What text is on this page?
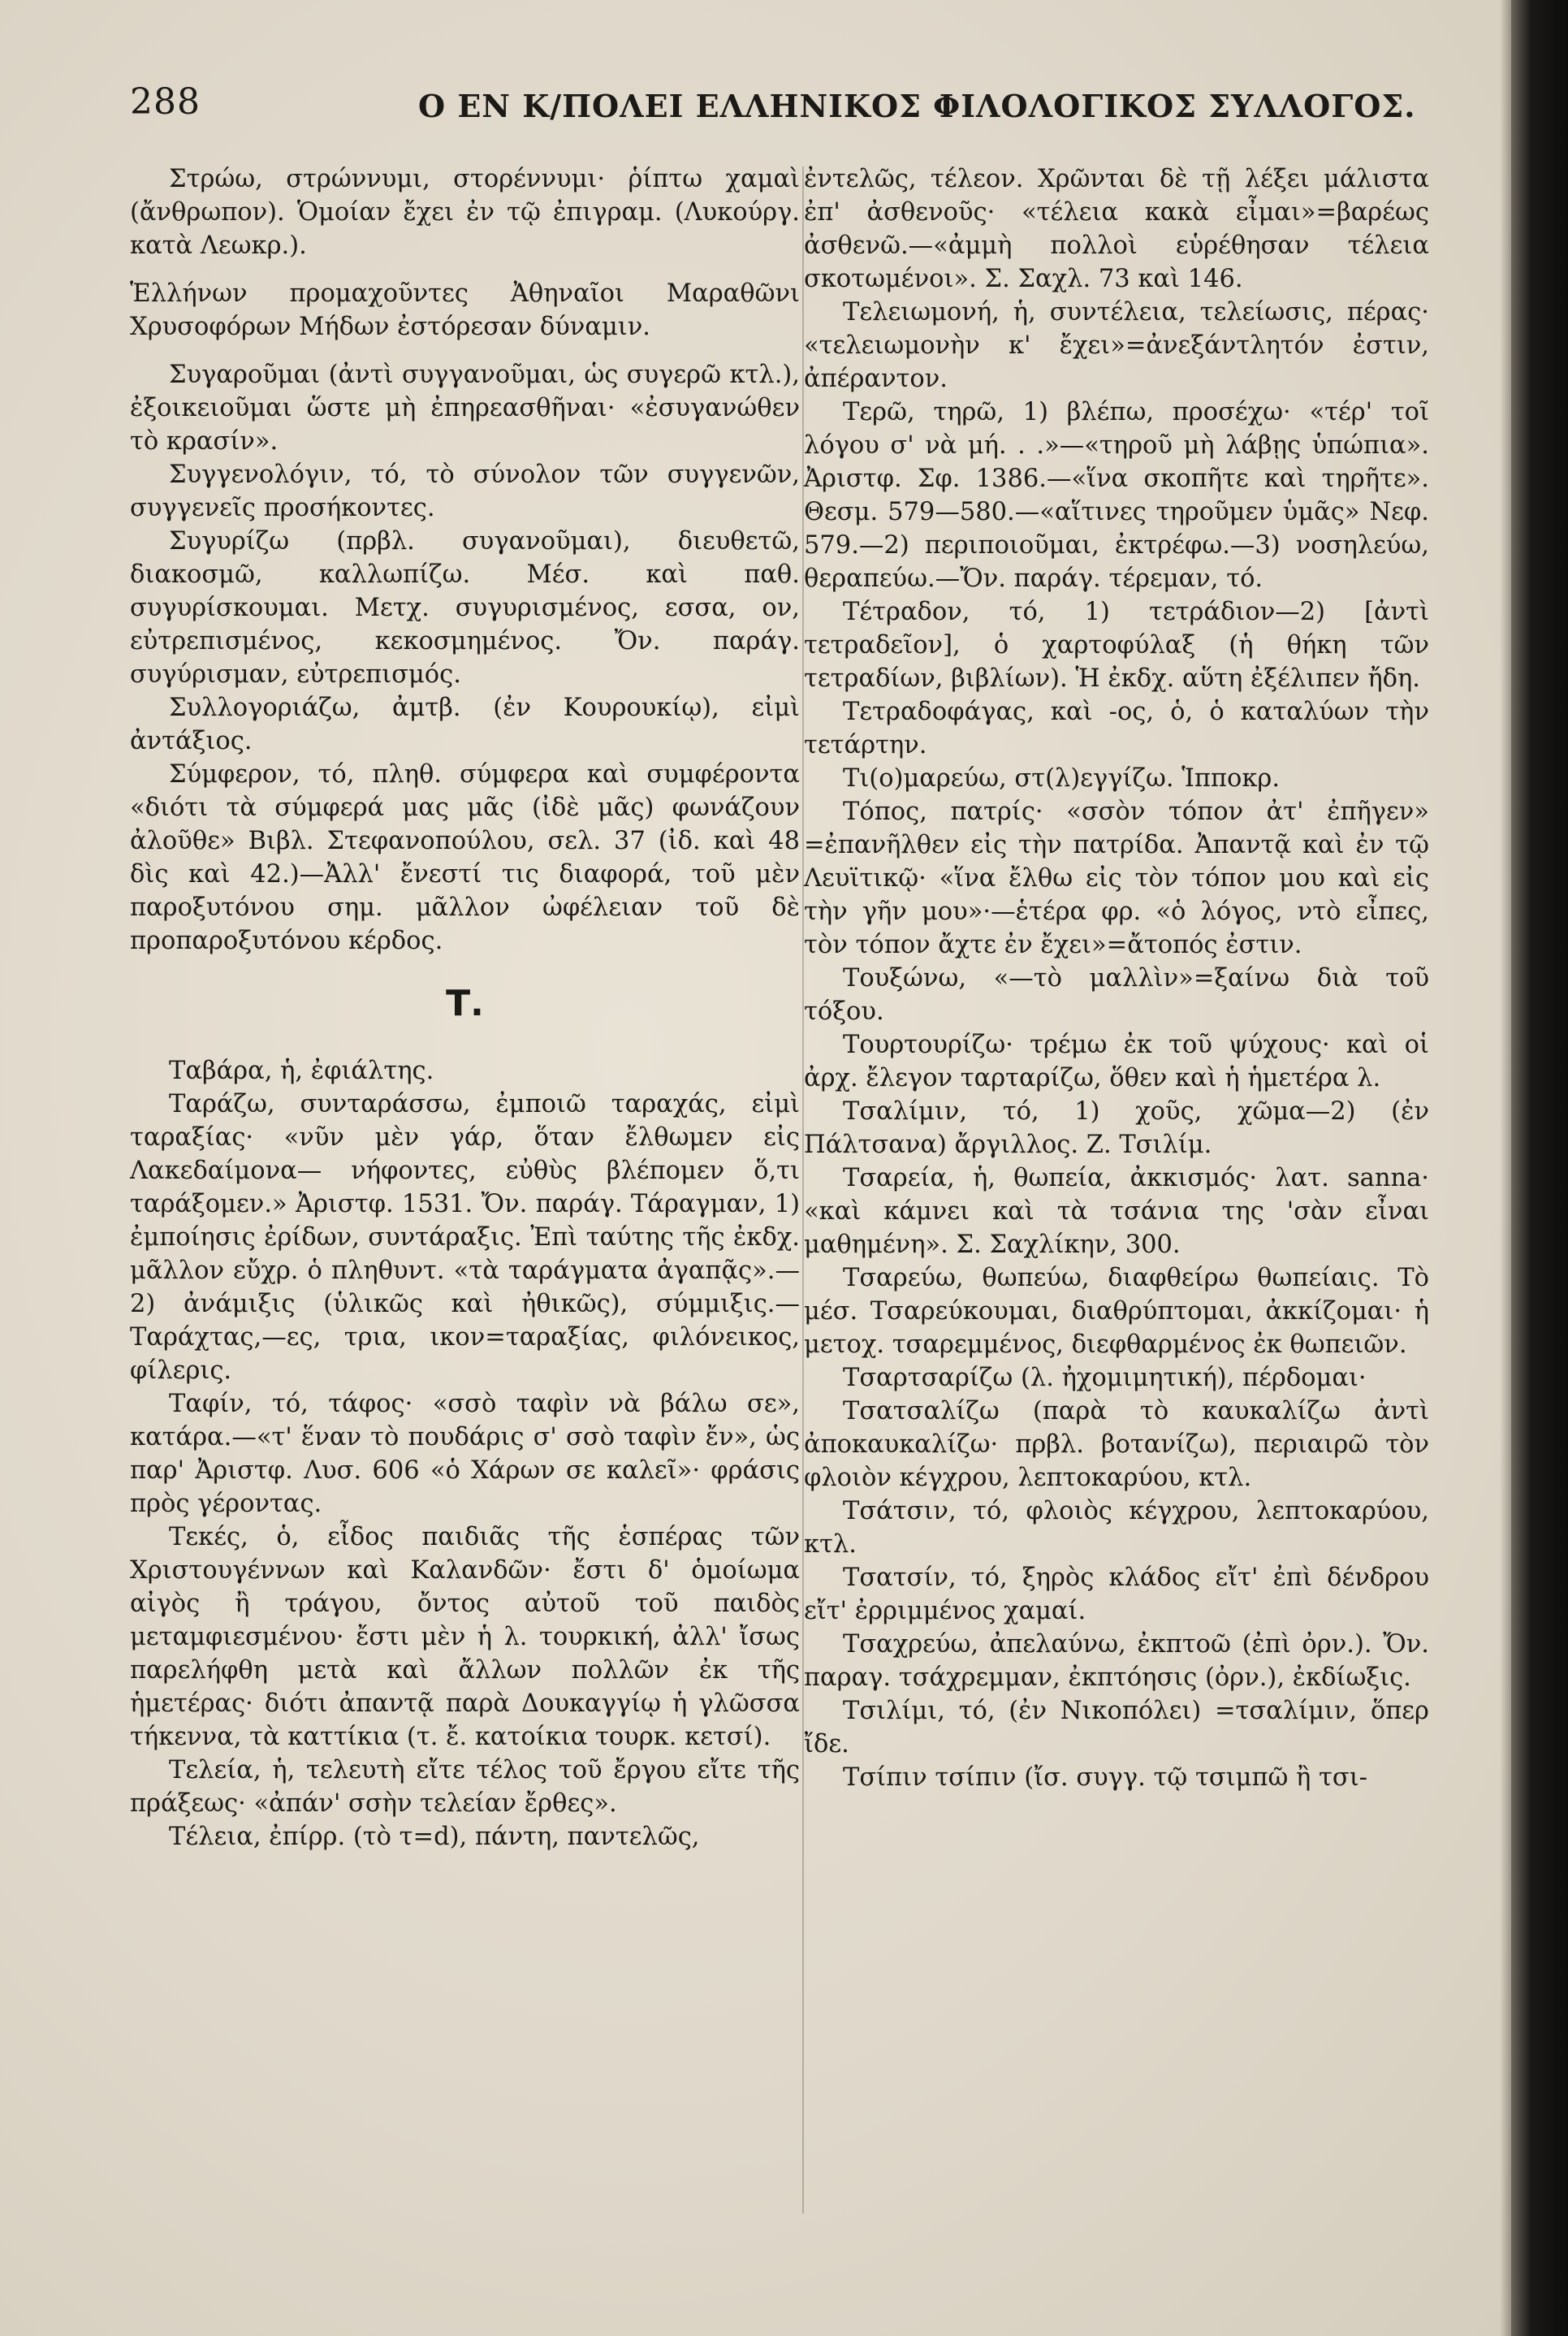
288	Ο ΕΝ Κ/ΠΟΛΕΙ ΕΛΛΗΝΙΚΟΣ ΦΙΛΟΛΟΓΙΚΟΣ ΣΥΛΛΟΓΟΣ.

Στρώω, στρώννυμι, στορέννυμι· ῥίπτω χαμαὶ (ἄνθρωπον). Ὁμοίαν ἔχει ἐν τῷ ἐπιγραμ. (Λυκούργ. κατὰ Λεωκρ.).

Ἑλλήνων προμαχοῦντες Ἀθηναῖοι Μαραθῶνι Χρυσοφόρων Μήδων ἐστόρεσαν δύναμιν.

Συγαροῦμαι (ἀντὶ συγγανοῦμαι, ὡς συγερῶ κτλ.), ἐξοικειοῦμαι ὥστε μὴ ἐπηρεασθῆναι· «ἐσυγανώθεν τὸ κρασίν».

Συγγενολόγιν, τό, τὸ σύνολον τῶν συγγενῶν, συγγενεῖς προσήκοντες.

Συγυρίζω (πρβλ. συγανοῦμαι), διευθετῶ, διακοσμῶ, καλλωπίζω. Μέσ. καὶ παθ. συγυρίσκουμαι. Μετχ. συγυρισμένος, εσσα, ον, εὐτρεπισμένος, κεκοσμημένος. Ὄν. παράγ. συγύρισμαν, εὐτρεπισμός.

Συλλογοριάζω, ἀμτβ. (ἐν Κουρουκίῳ), εἰμὶ ἀντάξιος.

Σύμφερον, τό, πληθ. σύμφερα καὶ συμφέροντα «διότι τὰ σύμφερά μας μᾶς (ἰδὲ μᾶς) φωνάζουν ἀλοῦθε» Βιβλ. Στεφανοπούλου, σελ. 37 (ἰδ. καὶ 48 δὶς καὶ 42.)—Ἀλλ' ἔνεστί τις διαφορά, τοῦ μὲν παροξυτόνου σημ. μᾶλλον ὠφέλειαν τοῦ δὲ προπαροξυτόνου κέρδος.

Τ.

Ταβάρα, ἡ, ἐφιάλτης.

Ταράζω, συνταράσσω, ἐμποιῶ ταραχάς, εἰμὶ ταραξίας· «νῦν μὲν γάρ, ὅταν ἔλθωμεν εἰς Λακεδαίμονα— νήφοντες, εὐθὺς βλέπομεν ὅ,τι ταράξομεν.» Ἀριστφ. 1531. Ὄν. παράγ. Τάραγμαν, 1) ἐμποίησις ἐρίδων, συντάραξις. Ἐπὶ ταύτης τῆς ἐκδχ. μᾶλλον εὔχρ. ὁ πληθυντ. «τὰ ταράγματα ἀγαπᾷς».—2) ἀνάμιξις (ὑλικῶς καὶ ἠθικῶς), σύμμιξις.—Ταράχτας,—ες, τρια, ικον=ταραξίας, φιλόνεικος, φίλερις.

Ταφίν, τό, τάφος· «σσὸ ταφὶν νὰ βάλω σε», κατάρα.—«τ' ἕναν τὸ πουδάρις σ' σσὸ ταφὶν ἔν», ὡς παρ' Ἀριστφ. Λυσ. 606 «ὁ Χάρων σε καλεῖ»· φράσις πρὸς γέροντας.

Τεκές, ὁ, εἶδος παιδιᾶς τῆς ἑσπέρας τῶν Χριστουγέννων καὶ Καλανδῶν· ἔστι δ' ὁμοίωμα αἰγὸς ἢ τράγου, ὄντος αὐτοῦ τοῦ παιδὸς μεταμφιεσμένου· ἔστι μὲν ἡ λ. τουρκική, ἀλλ' ἴσως παρελήφθη μετὰ καὶ ἄλλων πολλῶν ἐκ τῆς ἡμετέρας· διότι ἀπαντᾷ παρὰ Δουκαγγίῳ ἡ γλῶσσα τήκεννα, τὰ καττίκια (τ. ἔ. κατοίκια τουρκ. κετσί).

Τελεία, ἡ, τελευτὴ εἴτε τέλος τοῦ ἔργου εἴτε τῆς πράξεως· «ἀπάν' σσὴν τελείαν ἔρθες».

Τέλεια, ἐπίρρ. (τὸ τ=d), πάντη, παντελῶς,

ἐντελῶς, τέλεον. Χρῶνται δὲ τῇ λέξει μάλιστα ἐπ' ἀσθενοῦς· «τέλεια κακὰ εἶμαι»=βαρέως ἀσθενῶ.—«ἀμμὴ πολλοὶ εὑρέθησαν τέλεια σκοτωμένοι». Σ. Σαχλ. 73 καὶ 146.

Τελειωμονή, ἡ, συντέλεια, τελείωσις, πέρας· «τελειωμονὴν κ' ἔχει»=ἀνεξάντλητόν ἐστιν, ἀπέραντον.

Τερῶ, τηρῶ, 1) βλέπω, προσέχω· «τέρ' τοῖ λόγου σ' νὰ μή. . .»—«τηροῦ μὴ λάβῃς ὑπώπια». Ἀριστφ. Σφ. 1386.—«ἵνα σκοπῆτε καὶ τηρῆτε». Θεσμ. 579—580.—«αἵτινες τηροῦμεν ὑμᾶς» Νεφ. 579.—2) περιποιοῦμαι, ἐκτρέφω.—3) νοσηλεύω, θεραπεύω.—Ὄν. παράγ. τέρεμαν, τό.

Τέτραδον, τό, 1) τετράδιον—2) [ἀντὶ τετραδεῖον], ὁ χαρτοφύλαξ (ἡ θήκη τῶν τετραδίων, βιβλίων). Ἡ ἐκδχ. αὕτη ἐξέλιπεν ἤδη.

Τετραδοφάγας, καὶ -ος, ὁ, ὁ καταλύων τὴν τετάρτην.

Τι(ο)μαρεύω, στ(λ)εγγίζω. Ἱπποκρ.

Τόπος, πατρίς· «σσὸν τόπον ἀτ' ἐπῆγεν» =ἐπανῆλθεν εἰς τὴν πατρίδα. Ἀπαντᾷ καὶ ἐν τῷ Λευϊτικῷ· «ἵνα ἔλθω εἰς τὸν τόπον μου καὶ εἰς τὴν γῆν μου»·—ἑτέρα φρ. «ὁ λόγος, ντὸ εἶπες, τὸν τόπον ἄχτε ἐν ἔχει»=ἄτοπός ἐστιν.

Τουξώνω, «—τὸ μαλλὶν»=ξαίνω διὰ τοῦ τόξου.

Τουρτουρίζω· τρέμω ἐκ τοῦ ψύχους· καὶ οἱ ἀρχ. ἔλεγον ταρταρίζω, ὅθεν καὶ ἡ ἡμετέρα λ.

Τσαλίμιν, τό, 1) χοῦς, χῶμα—2) (ἐν Πάλτσανα) ἄργιλλος. Ζ. Τσιλίμ.

Τσαρεία, ἡ, θωπεία, ἀκκισμός· λατ. sanna· «καὶ κάμνει καὶ τὰ τσάνια της 'σὰν εἶναι μαθημένη». Σ. Σαχλίκην, 300.

Τσαρεύω, θωπεύω, διαφθείρω θωπείαις. Τὸ μέσ. Τσαρεύκουμαι, διαθρύπτομαι, ἀκκίζομαι· ἡ μετοχ. τσαρεμμένος, διεφθαρμένος ἐκ θωπειῶν.

Τσαρτσαρίζω (λ. ἠχομιμητική), πέρδομαι·

Τσατσαλίζω (παρὰ τὸ καυκαλίζω ἀντὶ ἀποκαυκαλίζω· πρβλ. βοτανίζω), περιαιρῶ τὸν φλοιὸν κέγχρου, λεπτοκαρύου, κτλ.

Τσάτσιν, τό, φλοιὸς κέγχρου, λεπτοκαρύου, κτλ.

Τσατσίν, τό, ξηρὸς κλάδος εἴτ' ἐπὶ δένδρου εἴτ' ἐρριμμένος χαμαί.

Τσαχρεύω, ἀπελαύνω, ἐκπτοῶ (ἐπὶ ὀρν.). Ὄν. παραγ. τσάχρεμμαν, ἐκπτόησις (ὀρν.), ἐκδίωξις.

Τσιλίμι, τό, (ἐν Νικοπόλει) =τσαλίμιν, ὅπερ ἴδε.

Τσίπιν τσίπιν (ἴσ. συγγ. τῷ τσιμπῶ ἢ τσι-
